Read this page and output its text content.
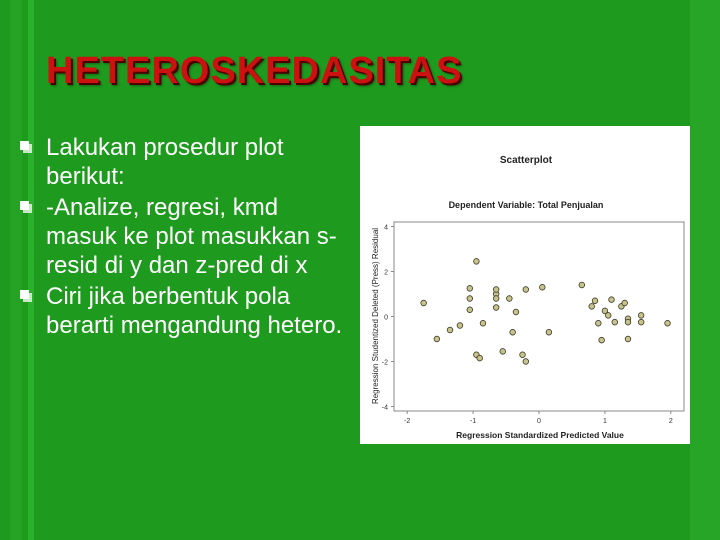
HETEROSKEDASITAS
Lakukan prosedur plot berikut:
-Analize, regresi, kmd masuk ke plot masukkan s-resid di y dan z-pred di x
Ciri jika berbentuk pola berarti mengandung hetero.
Scatterplot
Dependent Variable: Total Penjualan
4
2
0
-2
-4
-2	-1	0	1	2
Regression Standardized Predicted Value
Regression Studentized Deleted (Press) Residual
